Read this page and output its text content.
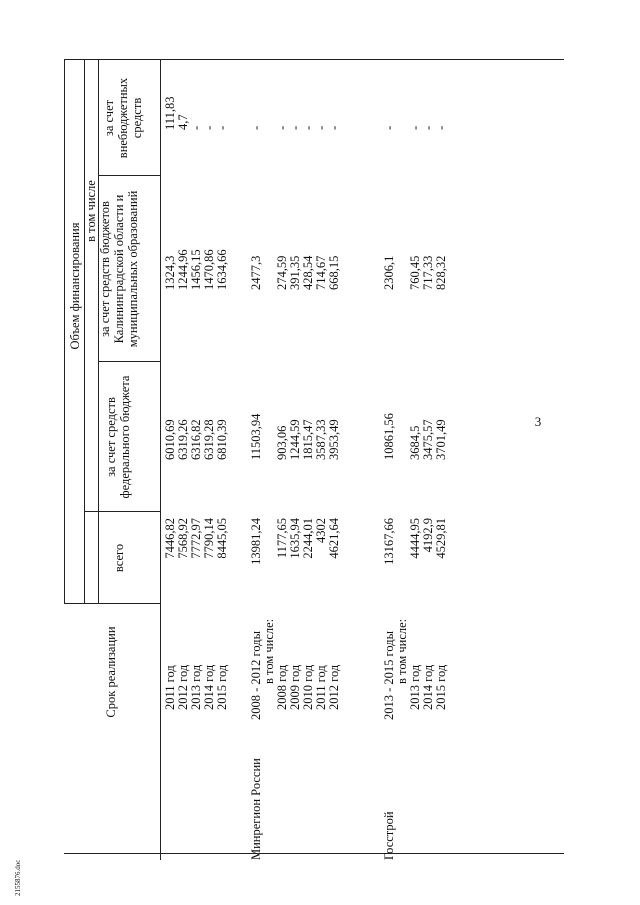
2155876.doc
3
Объем финансирования
в том числе
Срок реализации
всего
за счет средств федерального бюджета
за счет средств бюджетов Калининградской области и муниципальных образований
за счет внебюджетных средств
2011 год
7446,82
6010,69
1324,3
111,83
2012 год
7568,92
6319,26
1244,96
4,7
2013 год
7772,97
6316,82
1456,15
-
2014 год
7790,14
6319,28
1470,86
-
2015 год
8445,05
6810,39
1634,66
-
Минрегион России
2008 - 2012 годы
13981,24
11503,94
2477,3
-
в том числе:
2008 год
1177,65
903,06
274,59
-
2009 год
1635,94
1244,59
391,35
-
2010 год
2244,01
1815,47
428,54
-
2011 год
4302
3587,33
714,67
-
2012 год
4621,64
3953,49
668,15
-
Госстрой
2013 - 2015 годы
13167,66
10861,56
2306,1
-
в том числе:
2013 год
4444,95
3684,5
760,45
-
2014 год
4192,9
3475,57
717,33
-
2015 год
4529,81
3701,49
828,32
-
